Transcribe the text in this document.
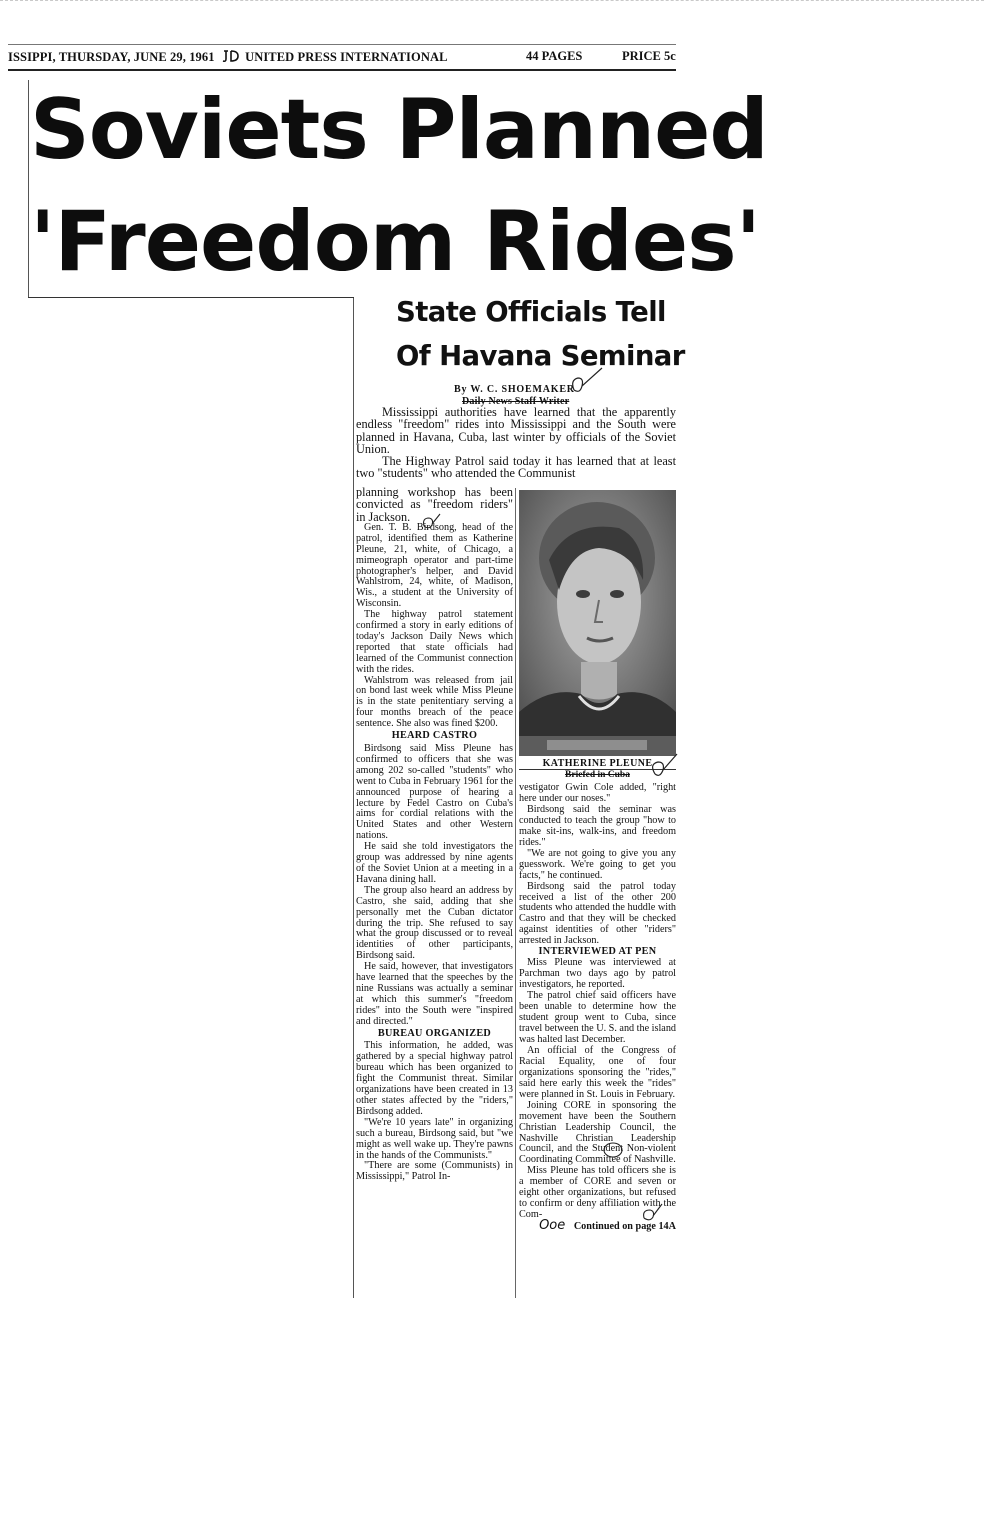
ISSIPPI, THURSDAY, JUNE 29, 1961 UNITED PRESS INTERNATIONAL	44 PAGES	PRICE 5c
Soviets Planned
'Freedom Rides'
State Officials Tell
Of Havana Seminar
By W. C. SHOEMAKER
Daily News Staff Writer

Mississippi authorities have learned that the apparently endless "freedom" rides into Mississippi and the South were planned in Havana, Cuba, last winter by officials of the Soviet Union.

The Highway Patrol said today it has learned that at least two "students" who attended the Communist

planning workshop has been convicted as "freedom riders" in Jackson.

Gen. T. B. Birdsong, head of the patrol, identified them as Katherine Pleune, 21, white, of Chicago, a mimeograph operator and part-time photographer's helper, and David Wahlstrom, 24, white, of Madison, Wis., a student at the University of Wisconsin.

The highway patrol statement confirmed a story in early editions of today's Jackson Daily News which reported that state officials had learned of the Communist connection with the rides.

Wahlstrom was released from jail on bond last week while Miss Pleune is in the state penitentiary serving a four months breach of the peace sentence. She also was fined $200.

HEARD CASTRO

Birdsong said Miss Pleune has confirmed to officers that she was among 202 so-called "students" who went to Cuba in February 1961 for the announced purpose of hearing a lecture by Fedel Castro on Cuba's aims for cordial relations with the United States and other Western nations.

He said she told investigators the group was addressed by nine agents of the Soviet Union at a meeting in a Havana dining hall.

The group also heard an address by Castro, she said, adding that she personally met the Cuban dictator during the trip. She refused to say what the group discussed or to reveal identities of other participants, Birdsong said.

He said, however, that investigators have learned that the speeches by the nine Russians was actually a seminar at which this summer's "freedom rides" into the South were "inspired and directed."

BUREAU ORGANIZED

This information, he added, was gathered by a special highway patrol bureau which has been organized to fight the Communist threat. Similar organizations have been created in 13 other states affected by the "riders," Birdsong added.

"We're 10 years late" in organizing such a bureau, Birdsong said, but "we might as well wake up. They're pawns in the hands of the Communists."

"There are some (Communists) in Mississippi," Patrol In-

KATHERINE PLEUNE
Briefed in Cuba

vestigator Gwin Cole added, "right here under our noses."

Birdsong said the seminar was conducted to teach the group "how to make sit-ins, walk-ins, and freedom rides."

"We are not going to give you any guesswork. We're going to get you facts," he continued.

Birdsong said the patrol today received a list of the other 200 students who attended the huddle with Castro and that they will be checked against identities of other "riders" arrested in Jackson.

INTERVIEWED AT PEN

Miss Pleune was interviewed at Parchman two days ago by patrol investigators, he reported.

The patrol chief said officers have been unable to determine how the student group went to Cuba, since travel between the U. S. and the island was halted last December.

An official of the Congress of Racial Equality, one of four organizations sponsoring the "rides," said here early this week the "rides" were planned in St. Louis in February.

Joining CORE in sponsoring the movement have been the Southern Christian Leadership Council, the Nashville Christian Leadership Council, and the Student Non-violent Coordinating Committee of Nashville.

Miss Pleune has told officers she is a member of CORE and seven or eight other organizations, but refused to confirm or deny affiliation with the Com-

Ooe Continued on page 14A
